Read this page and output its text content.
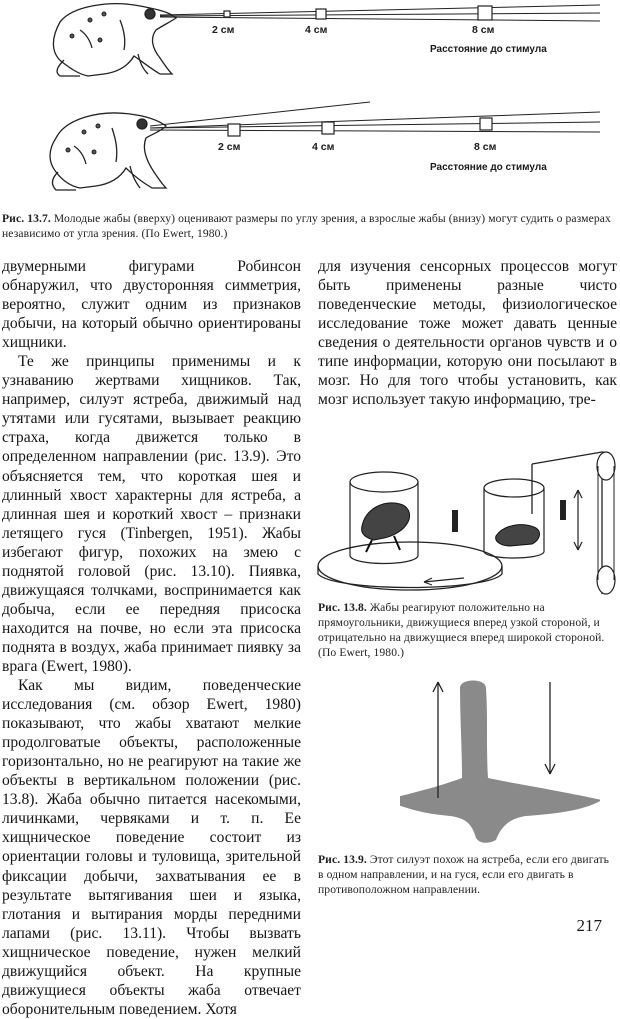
2 см	4 см	8 см
Расстояние до стимула
2 см	4 см	8 см
Расстояние до стимула
Рис. 13.7. Молодые жабы (вверху) оценивают размеры по углу зрения, а взрослые жабы (внизу) могут судить о размерах независимо от угла зрения. (По Ewert, 1980.)

двумерными фигурами Робинсон обнаружил, что двусторонняя симметрия, вероятно, служит одним из признаков добычи, на который обычно ориентированы хищники.

Те же принципы применимы и к узнаванию жертвами хищников. Так, например, силуэт ястреба, движимый над утятами или гусятами, вызывает реакцию страха, когда движется только в определенном направлении (рис. 13.9). Это объясняется тем, что короткая шея и длинный хвост характерны для ястреба, а длинная шея и короткий хвост – признаки летящего гуся (Tinbergen, 1951). Жабы избегают фигур, похожих на змею с поднятой головой (рис. 13.10). Пиявка, движущаяся толчками, воспринимается как добыча, если ее передняя присоска находится на почве, но если эта присоска поднята в воздух, жаба принимает пиявку за врага (Ewert, 1980).

Как мы видим, поведенческие исследования (см. обзор Ewert, 1980) показывают, что жабы хватают мелкие продолговатые объекты, расположенные горизонтально, но не реагируют на такие же объекты в вертикальном положении (рис. 13.8). Жаба обычно питается насекомыми, личинками, червяками и т. п. Ее хищническое поведение состоит из ориентации головы и туловища, зрительной фиксации добычи, захватывания ее в результате вытягивания шеи и языка, глотания и вытирания морды передними лапами (рис. 13.11). Чтобы вызвать хищническое поведение, нужен мелкий движущийся объект. На крупные движущиеся объекты жаба отвечает оборонительным поведением. Хотя

для изучения сенсорных процессов могут быть применены разные чисто поведенческие методы, физиологическое исследование тоже может давать ценные сведения о деятельности органов чувств и о типе информации, которую они посылают в мозг. Но для того чтобы установить, как мозг использует такую информацию, тре-

Рис. 13.8. Жабы реагируют положительно на прямоугольники, движущиеся вперед узкой стороной, и отрицательно на движущиеся вперед широкой стороной. (По Ewert, 1980.)
Рис. 13.9. Этот силуэт похож на ястреба, если его двигать в одном направлении, и на гуся, если его двигать в противоположном направлении.
217
